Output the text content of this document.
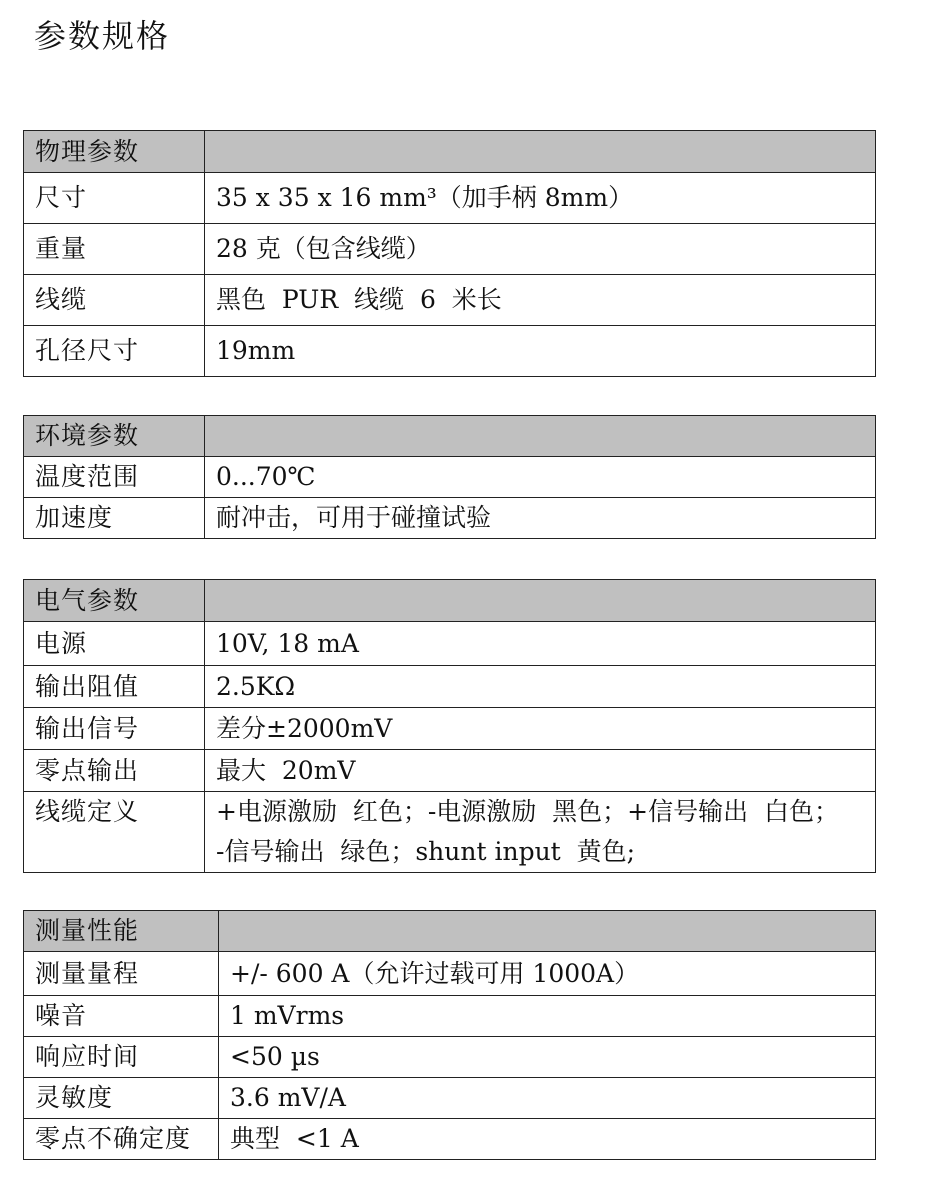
参数规格
物理参数	
尺寸	35 x 35 x 16 mm³（加手柄 8mm）
重量	28 克（包含线缆）
线缆	黑色  PUR  线缆  6  米长
孔径尺寸	19mm
环境参数	
温度范围	0...70℃
加速度	耐冲击，可用于碰撞试验
电气参数	
电源	10V, 18 mA
输出阻值	2.5KΩ
输出信号	差分±2000mV
零点输出	最大  20mV
线缆定义	+电源激励  红色；-电源激励  黑色；+信号输出  白色；
-信号输出  绿色；shunt input  黄色;
测量性能	
测量量程	+/- 600 A（允许过载可用 1000A）
噪音	1 mVrms
响应时间	<50 µs
灵敏度	3.6 mV/A
零点不确定度	典型  <1 A
